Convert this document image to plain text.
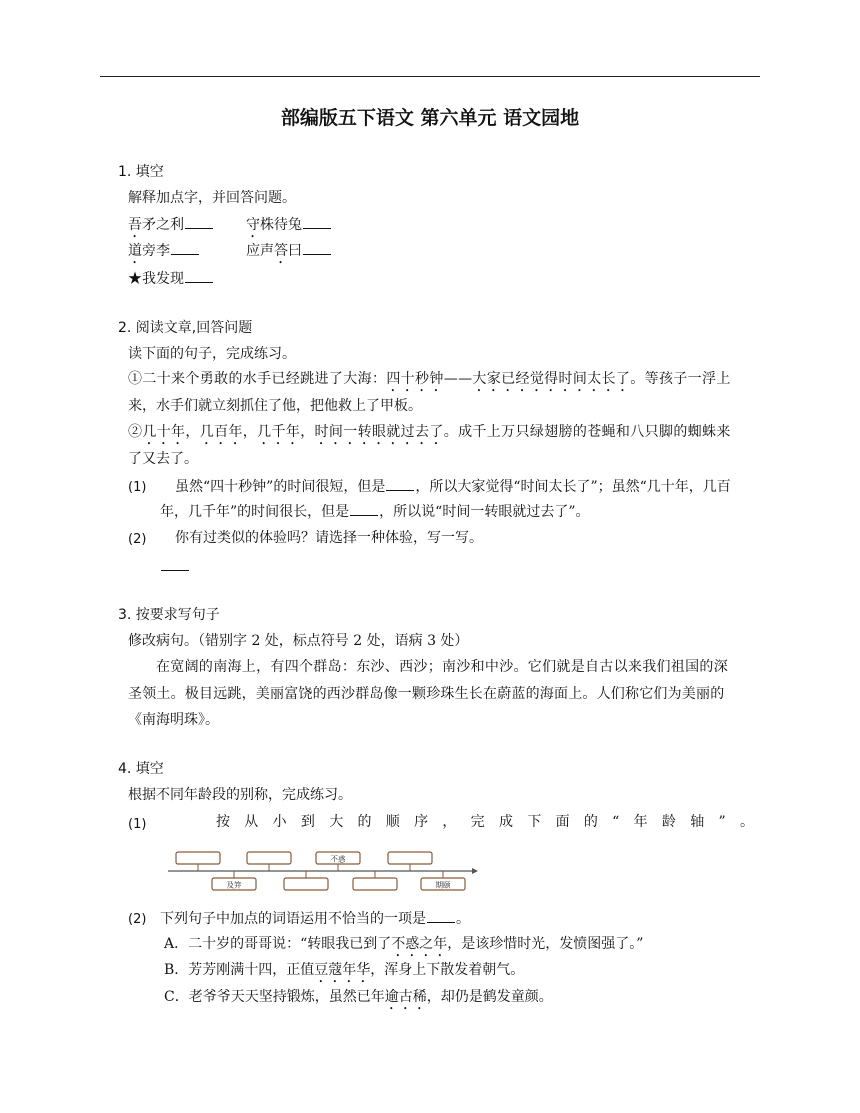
部编版五下语文 第六单元 语文园地
1. 填空
解释加点字，并回答问题。
吾矛之利	守株待兔
道旁李	应声答曰
★我发现
2. 阅读文章,回答问题
读下面的句子，完成练习。
①二十来个勇敢的水手已经跳进了大海：四十秒钟——大家已经觉得时间太长了。等孩子一浮上
来，水手们就立刻抓住了他，把他救上了甲板。
②几十年，几百年，几千年，时间一转眼就过去了。成千上万只绿翅膀的苍蝇和八只脚的蜘蛛来
了又去了。
(1) 虽然“四十秒钟”的时间很短，但是 ，所以大家觉得“时间太长了”；虽然“几十年，几百
年，几千年”的时间很长，但是 ，所以说“时间一转眼就过去了”。
(2) 你有过类似的体验吗？请选择一种体验，写一写。
3. 按要求写句子
修改病句。（错别字 2 处，标点符号 2 处，语病 3 处）
在宽阔的南海上，有四个群岛：东沙、西沙；南沙和中沙。它们就是自古以来我们祖国的深
圣领土。极目远跳，美丽富饶的西沙群岛像一颗珍珠生长在蔚蓝的海面上。人们称它们为美丽的
《南海明珠》。
4. 填空
根据不同年龄段的别称，完成练习。
(1)	按 从 小 到 大 的 顺 序 ， 完 成 下 面 的 “ 年 龄 轴 ” 。
不惑
及笄	期颐
(2) 下列句子中加点的词语运用不恰当的一项是 。
A．二十岁的哥哥说：“转眼我已到了不惑之年，是该珍惜时光，发愤图强了。”
B．芳芳刚满十四，正值豆蔻年华，浑身上下散发着朝气。
C．老爷爷天天坚持锻炼，虽然已年逾古稀，却仍是鹤发童颜。
